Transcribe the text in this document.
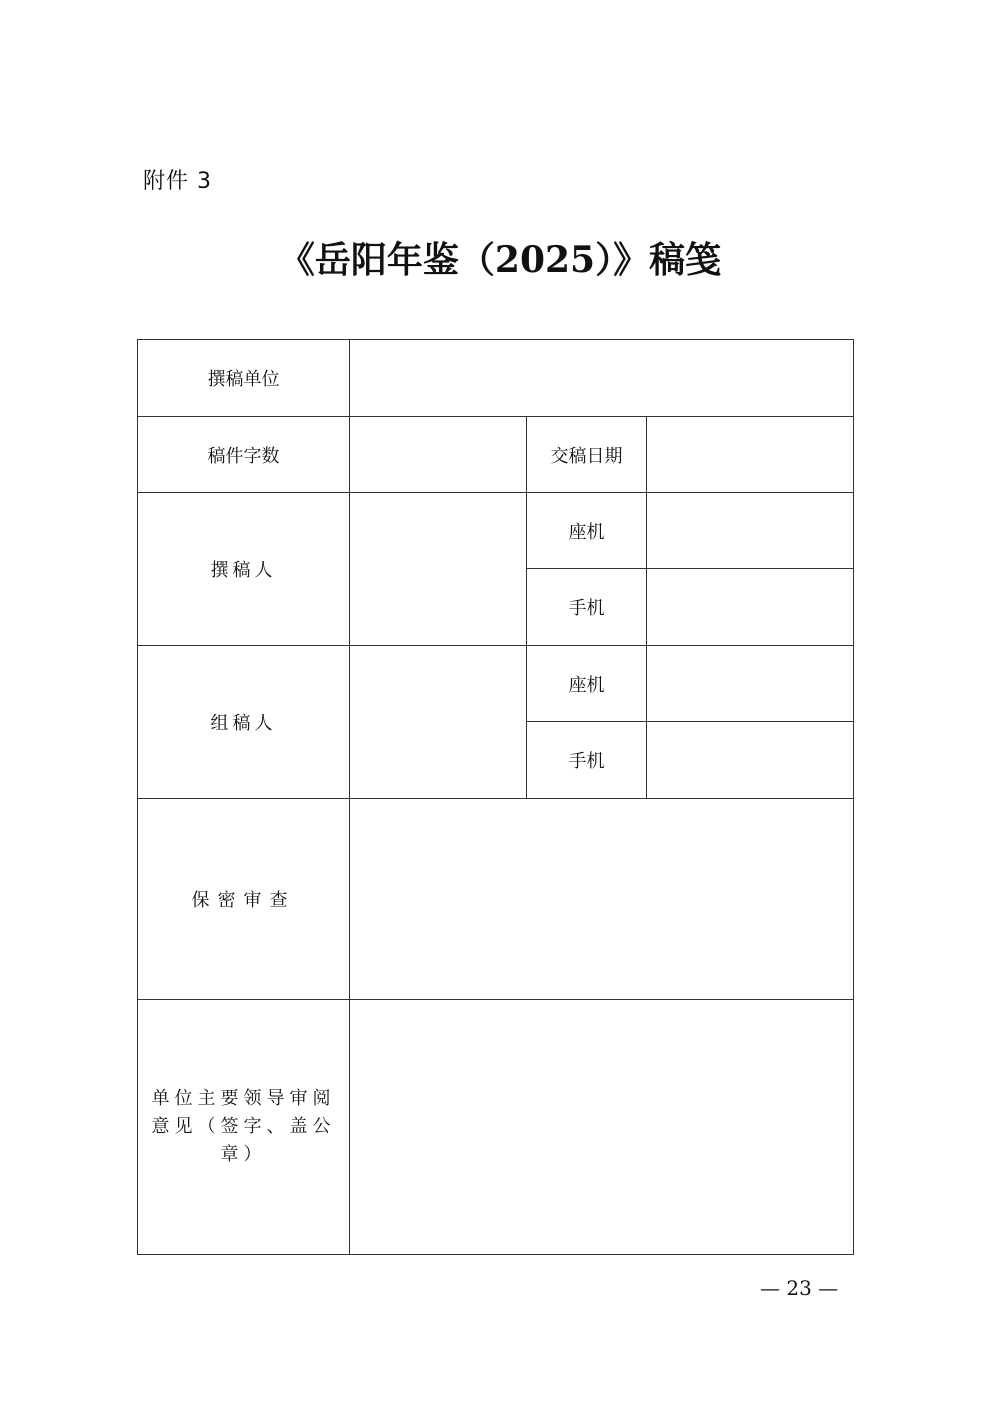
附件 3
《岳阳年鉴（2025）》稿笺
撰稿单位			
稿件字数		交稿日期	
撰稿人		座机	
		手机	
组稿人		座机	
		手机	
保密审查			

单位主要领导审阅
意见（签字、盖公章）			

— 23 —
